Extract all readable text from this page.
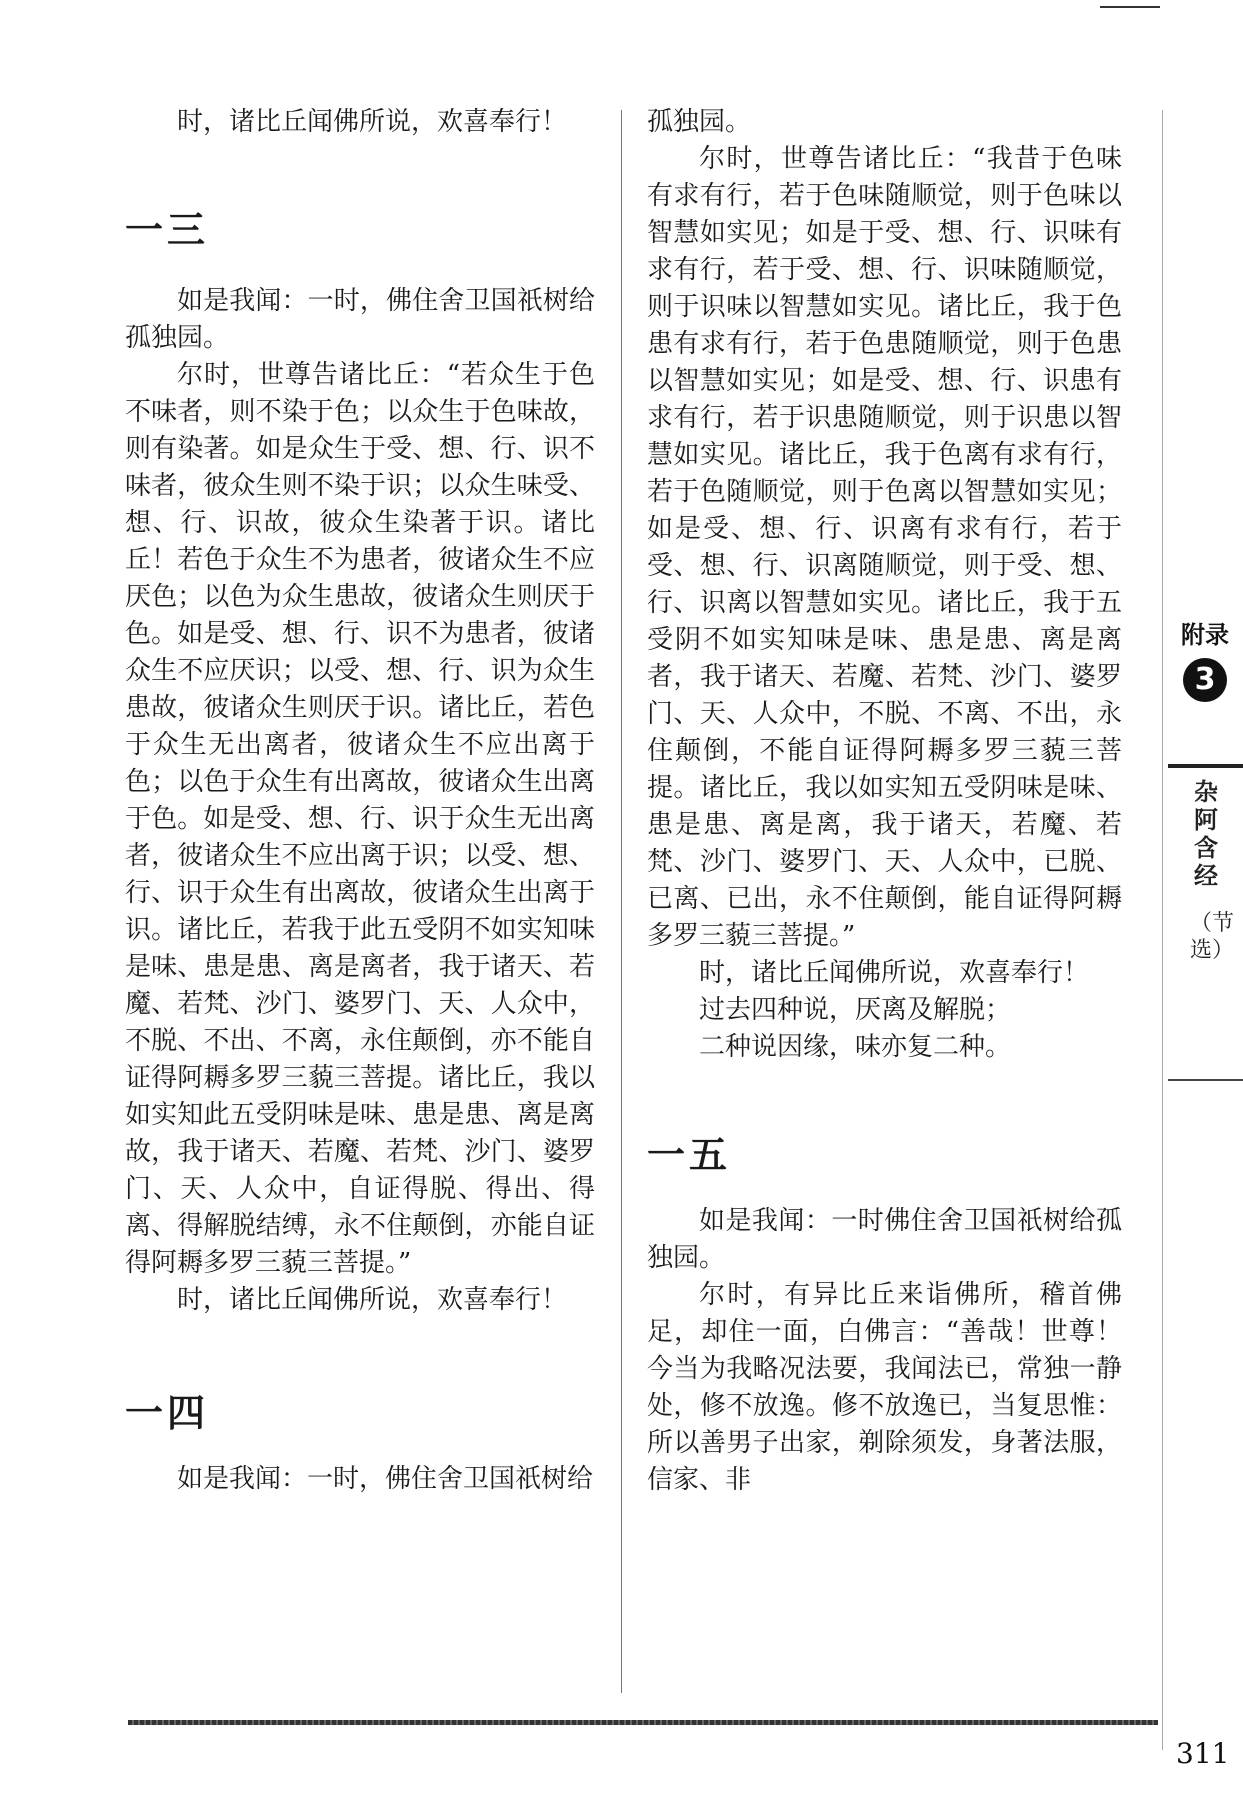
时，诸比丘闻佛所说，欢喜奉行！

一三

如是我闻：一时，佛住舍卫国祇树给孤独园。

尔时，世尊告诸比丘：“若众生于色不味者，则不染于色；以众生于色味故，则有染著。如是众生于受、想、行、识不味者，彼众生则不染于识；以众生味受、想、行、识故，彼众生染著于识。诸比丘！若色于众生不为患者，彼诸众生不应厌色；以色为众生患故，彼诸众生则厌于色。如是受、想、行、识不为患者，彼诸众生不应厌识；以受、想、行、识为众生患故，彼诸众生则厌于识。诸比丘，若色于众生无出离者，彼诸众生不应出离于色；以色于众生有出离故，彼诸众生出离于色。如是受、想、行、识于众生无出离者，彼诸众生不应出离于识；以受、想、行、识于众生有出离故，彼诸众生出离于识。诸比丘，若我于此五受阴不如实知味是味、患是患、离是离者，我于诸天、若魔、若梵、沙门、婆罗门、天、人众中，不脱、不出、不离，永住颠倒，亦不能自证得阿耨多罗三藐三菩提。诸比丘，我以如实知此五受阴味是味、患是患、离是离故，我于诸天、若魔、若梵、沙门、婆罗门、天、人众中，自证得脱、得出、得离、得解脱结缚，永不住颠倒，亦能自证得阿耨多罗三藐三菩提。”

时，诸比丘闻佛所说，欢喜奉行！

一四

如是我闻：一时，佛住舍卫国祇树给

孤独园。

尔时，世尊告诸比丘：“我昔于色味有求有行，若于色味随顺觉，则于色味以智慧如实见；如是于受、想、行、识味有求有行，若于受、想、行、识味随顺觉，则于识味以智慧如实见。诸比丘，我于色患有求有行，若于色患随顺觉，则于色患以智慧如实见；如是受、想、行、识患有求有行，若于识患随顺觉，则于识患以智慧如实见。诸比丘，我于色离有求有行，若于色随顺觉，则于色离以智慧如实见；如是受、想、行、识离有求有行，若于受、想、行、识离随顺觉，则于受、想、行、识离以智慧如实见。诸比丘，我于五受阴不如实知味是味、患是患、离是离者，我于诸天、若魔、若梵、沙门、婆罗门、天、人众中，不脱、不离、不出，永住颠倒，不能自证得阿耨多罗三藐三菩提。诸比丘，我以如实知五受阴味是味、患是患、离是离，我于诸天，若魔、若梵、沙门、婆罗门、天、人众中，已脱、已离、已出，永不住颠倒，能自证得阿耨多罗三藐三菩提。”

时，诸比丘闻佛所说，欢喜奉行！

过去四种说，厌离及解脱；

二种说因缘，味亦复二种。

一五

如是我闻：一时佛住舍卫国祇树给孤独园。

尔时，有异比丘来诣佛所，稽首佛足，却住一面，白佛言：“善哉！世尊！今当为我略况法要，我闻法已，常独一静处，修不放逸。修不放逸已，当复思惟：所以善男子出家，剃除须发，身著法服，信家、非

附录
3
杂阿含经
（节选）
311
